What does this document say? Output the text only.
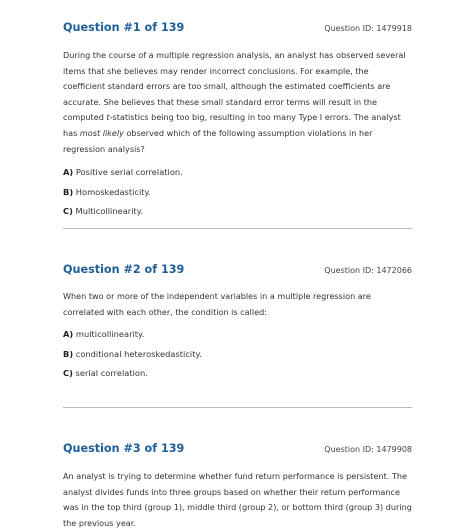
Question #1 of 139	Question ID: 1479918

During the course of a multiple regression analysis, an analyst has observed several items that she believes may render incorrect conclusions. For example, the coefficient standard errors are too small, although the estimated coefficients are accurate. She believes that these small standard error terms will result in the computed t-statistics being too big, resulting in too many Type I errors. The analyst has most likely observed which of the following assumption violations in her regression analysis?

A) Positive serial correlation.
B) Homoskedasticity.
C) Multicollinearity.
Question #2 of 139	Question ID: 1472066

When two or more of the independent variables in a multiple regression are correlated with each other, the condition is called:

A) multicollinearity.
B) conditional heteroskedasticity.
C) serial correlation.
Question #3 of 139	Question ID: 1479908

An analyst is trying to determine whether fund return performance is persistent. The analyst divides funds into three groups based on whether their return performance was in the top third (group 1), middle third (group 2), or bottom third (group 3) during the previous year.
